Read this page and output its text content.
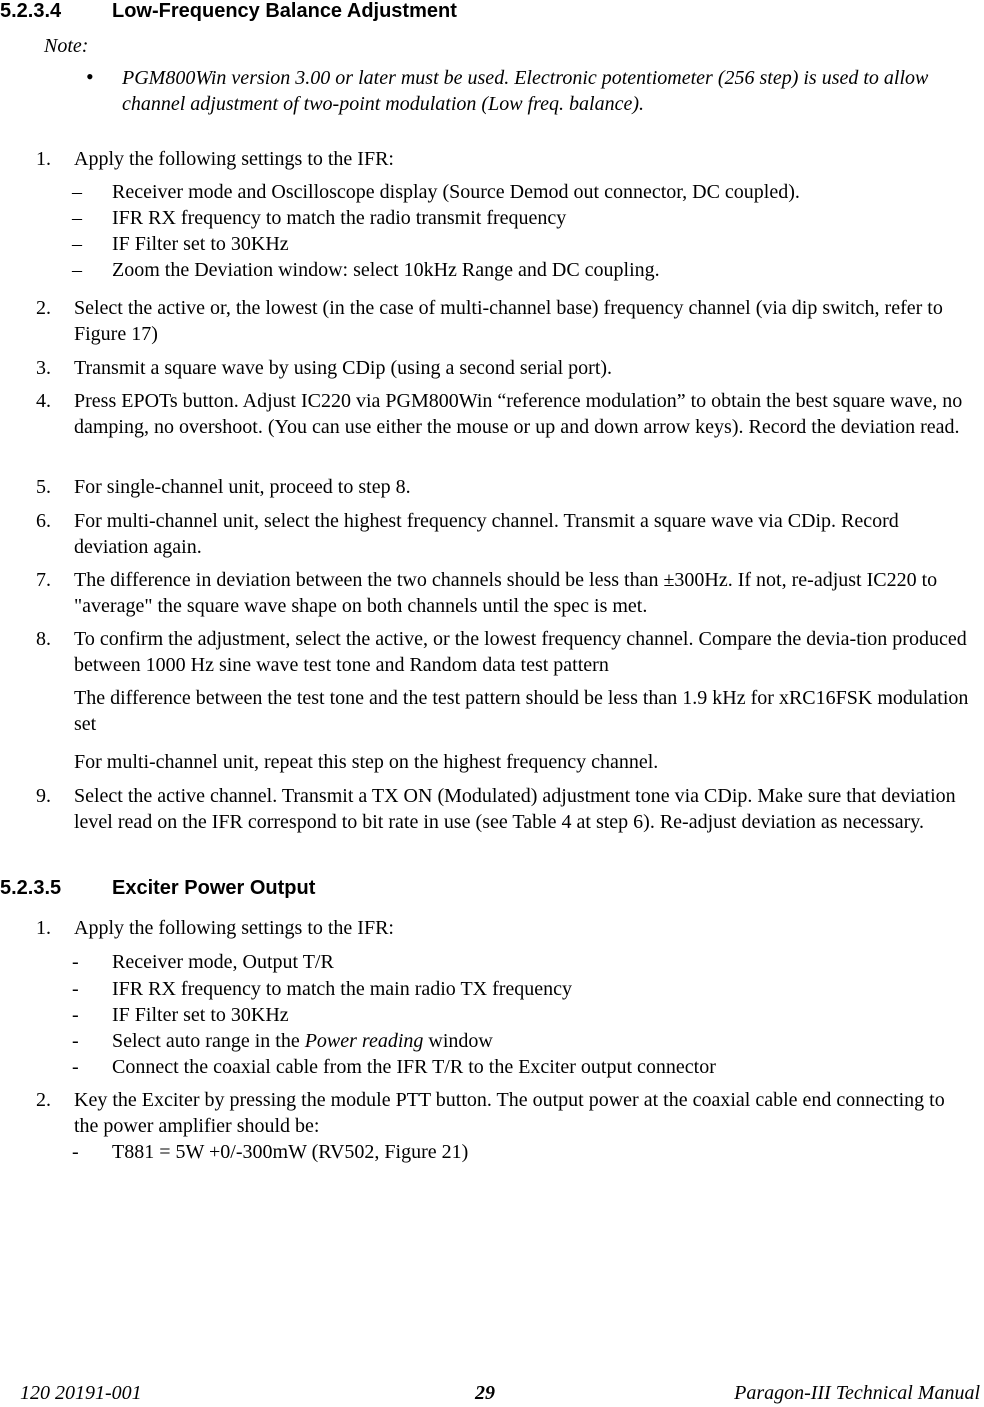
5.2.3.4	Low-Frequency Balance Adjustment
Note:
• PGM800Win version 3.00 or later must be used. Electronic potentiometer (256 step) is used to allow channel adjustment of two-point modulation (Low freq. balance).
1. Apply the following settings to the IFR:
– Receiver mode and Oscilloscope display (Source Demod out connector, DC coupled).
– IFR RX frequency to match the radio transmit frequency
– IF Filter set to 30KHz
– Zoom the Deviation window: select 10kHz Range and DC coupling.
2. Select the active or, the lowest (in the case of multi-channel base) frequency channel (via dip switch, refer to Figure 17)
3. Transmit a square wave by using CDip (using a second serial port).
4. Press EPOTs button. Adjust IC220 via PGM800Win “reference modulation” to obtain the best square wave, no damping, no overshoot. (You can use either the mouse or up and down arrow keys). Record the deviation read.
5. For single-channel unit, proceed to step 8.
6. For multi-channel unit, select the highest frequency channel. Transmit a square wave via CDip. Record deviation again.
7. The difference in deviation between the two channels should be less than ±300Hz. If not, re-adjust IC220 to "average" the square wave shape on both channels until the spec is met.
8. To confirm the adjustment, select the active, or the lowest frequency channel. Compare the devia-tion produced between 1000 Hz sine wave test tone and Random data test pattern
The difference between the test tone and the test pattern should be less than 1.9 kHz for xRC16FSK modulation set
For multi-channel unit, repeat this step on the highest frequency channel.
9. Select the active channel. Transmit a TX ON (Modulated) adjustment tone via CDip. Make sure that deviation level read on the IFR correspond to bit rate in use (see Table 4 at step 6). Re-adjust deviation as necessary.
5.2.3.5	Exciter Power Output
1. Apply the following settings to the IFR:
- Receiver mode, Output T/R
- IFR RX frequency to match the main radio TX frequency
- IF Filter set to 30KHz
- Select auto range in the Power reading window
- Connect the coaxial cable from the IFR T/R to the Exciter output connector
2. Key the Exciter by pressing the module PTT button. The output power at the coaxial cable end connecting to the power amplifier should be:
- T881 = 5W +0/-300mW (RV502, Figure 21)
120 20191-001	29	Paragon-III Technical Manual
